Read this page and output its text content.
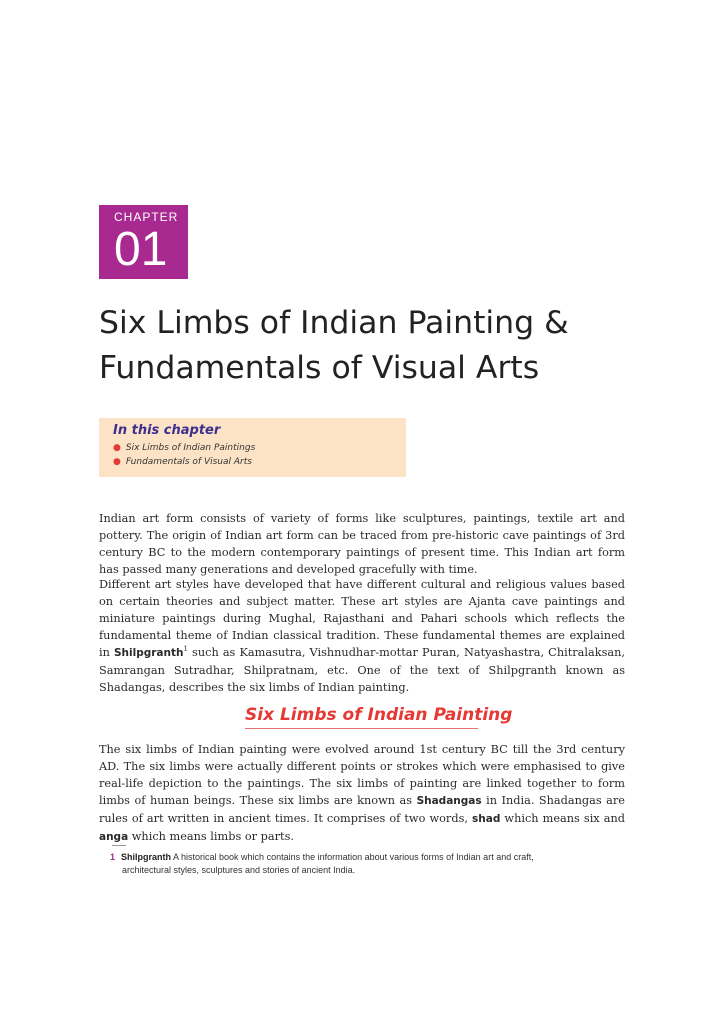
CHAPTER
01
Six Limbs of Indian Painting &
Fundamentals of Visual Arts
In this chapter
● Six Limbs of Indian Paintings
● Fundamentals of Visual Arts

Indian art form consists of variety of forms like sculptures, paintings, textile art and pottery. The origin of Indian art form can be traced from pre-historic cave paintings of 3rd century BC to the modern contemporary paintings of present time. This Indian art form has passed many generations and developed gracefully with time.

Different art styles have developed that have different cultural and religious values based on certain theories and subject matter. These art styles are Ajanta cave paintings and miniature paintings during Mughal, Rajasthani and Pahari schools which reflects the fundamental theme of Indian classical tradition. These fundamental themes are explained in Shilpgranth$^1$ such as Kamasutra, Vishnudhar-mottar Puran, Natyashastra, Chitralaksan, Samrangan Sutradhar, Shilpratnam, etc. One of the text of Shilpgranth known as Shadangas, describes the six limbs of Indian painting.

Six Limbs of Indian Painting

The six limbs of Indian painting were evolved around 1st century BC till the 3rd century AD. The six limbs were actually different points or strokes which were emphasised to give real-life depiction to the paintings. The six limbs of painting are linked together to form limbs of human beings. These six limbs are known as Shadangas in India. Shadangas are rules of art written in ancient times. It comprises of two words, shad which means six and anga which means limbs or parts.

1 Shilpgranth A historical book which contains the information about various forms of Indian art and craft,
architectural styles, sculptures and stories of ancient India.
